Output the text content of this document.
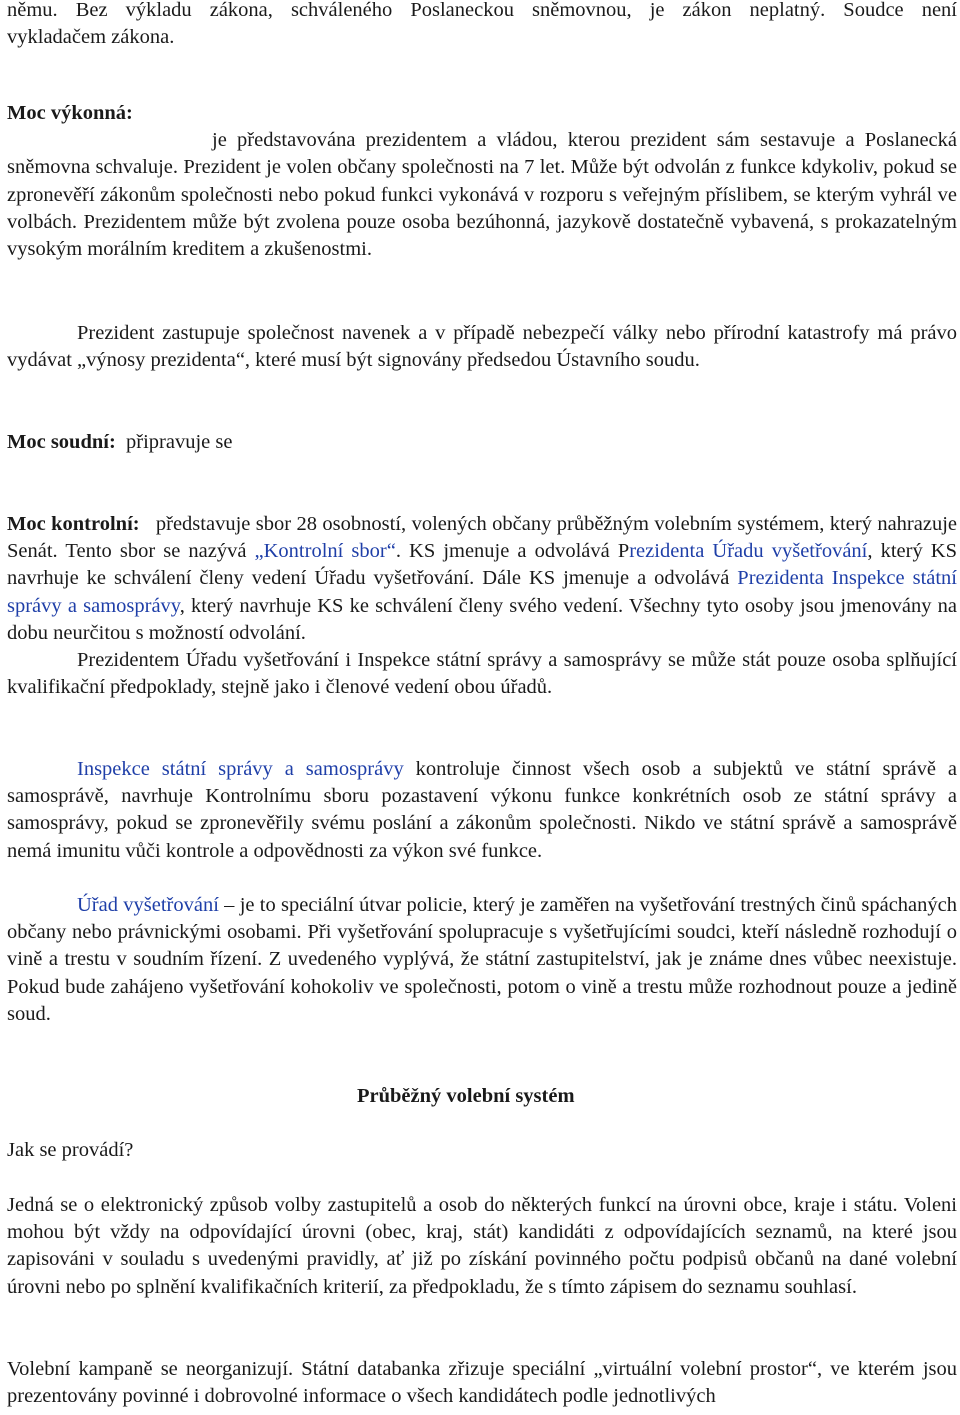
němu. Bez výkladu zákona, schváleného Poslaneckou sněmovnou, je zákon neplatný. Soudce není

vykladačem zákona.

Moc výkonná:

je představována prezidentem a vládou, kterou prezident sám sestavuje a Poslanecká sněmovna schvaluje. Prezident je volen občany společnosti na 7 let. Může být odvolán z funkce kdykoliv, pokud se zpronevěří zákonům společnosti nebo pokud funkci vykonává v rozporu s veřejným příslibem, se kterým vyhrál ve volbách. Prezidentem může být zvolena pouze osoba bezúhonná, jazykově dostatečně vybavená, s prokazatelným vysokým morálním kreditem a zkušenostmi.

Prezident zastupuje společnost navenek a v případě nebezpečí války nebo přírodní katastrofy má právo vydávat „výnosy prezidenta“, které musí být signovány předsedou Ústavního soudu.

Moc soudní: připravuje se

Moc kontrolní: představuje sbor 28 osobností, volených občany průběžným volebním systémem, který nahrazuje Senát. Tento sbor se nazývá „Kontrolní sbor“. KS jmenuje a odvolává Prezidenta Úřadu vyšetřování, který KS navrhuje ke schválení členy vedení Úřadu vyšetřování. Dále KS jmenuje a odvolává Prezidenta Inspekce státní správy a samosprávy, který navrhuje KS ke schválení členy svého vedení. Všechny tyto osoby jsou jmenovány na dobu neurčitou s možností odvolání.

Prezidentem Úřadu vyšetřování i Inspekce státní správy a samosprávy se může stát pouze osoba splňující kvalifikační předpoklady, stejně jako i členové vedení obou úřadů.

Inspekce státní správy a samosprávy kontroluje činnost všech osob a subjektů ve státní správě a samosprávě, navrhuje Kontrolnímu sboru pozastavení výkonu funkce konkrétních osob ze státní správy a samosprávy, pokud se zpronevěřily svému poslání a zákonům společnosti. Nikdo ve státní správě a samosprávě nemá imunitu vůči kontrole a odpovědnosti za výkon své funkce.

Úřad vyšetřování – je to speciální útvar policie, který je zaměřen na vyšetřování trestných činů spáchaných občany nebo právnickými osobami. Při vyšetřování spolupracuje s vyšetřujícími soudci, kteří následně rozhodují o vině a trestu v soudním řízení. Z uvedeného vyplývá, že státní zastupitelství, jak je známe dnes vůbec neexistuje. Pokud bude zahájeno vyšetřování kohokoliv ve společnosti, potom o vině a trestu může rozhodnout pouze a jedině soud.

Průběžný volební systém

Jak se provádí?

Jedná se o elektronický způsob volby zastupitelů a osob do některých funkcí na úrovni obce, kraje i státu. Voleni mohou být vždy na odpovídající úrovni (obec, kraj, stát) kandidáti z odpovídajících seznamů, na které jsou zapisováni v souladu s uvedenými pravidly, ať již po získání povinného počtu podpisů občanů na dané volební úrovni nebo po splnění kvalifikačních kriterií, za předpokladu, že s tímto zápisem do seznamu souhlasí.

Volební kampaně se neorganizují. Státní databanka zřizuje speciální „virtuální volební prostor“, ve kterém jsou prezentovány povinné i dobrovolné informace o všech kandidátech podle jednotlivých
